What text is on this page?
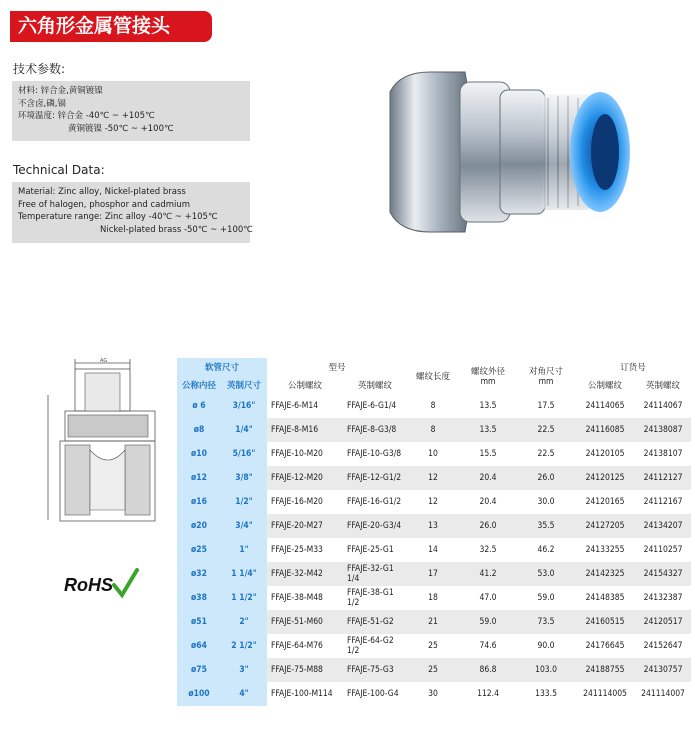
六角形金属管接头
技术参数:
材料: 锌合金,黄铜镀镍
不含卤,磷,镉
环境温度: 锌合金 -40℃ ~ +105℃
黄铜镀镍 -50℃ ~ +100℃
Technical Data:
Material: Zinc alloy, Nickel-plated brass
Free of halogen, phosphor and cadmium
Temperature range: Zinc alloy -40℃ ~ +105℃
Nickel-plated brass -50℃ ~ +100℃
AG
RoHS
软管尺寸		型号		螺纹长度	螺纹外径
mm	对角尺寸
mm	订货号	
公称内径	英制尺寸	公制螺纹	英制螺纹				公制螺纹	英制螺纹
ø 6	3/16"	FFAJE-6-M14	FFAJE-6-G1/4	8	13.5	17.5	24114065	24114067
ø8	1/4"	FFAJE-8-M16	FFAJE-8-G3/8	8	13.5	22.5	24116085	24138087
ø10	5/16"	FFAJE-10-M20	FFAJE-10-G3/8	10	15.5	22.5	24120105	24138107
ø12	3/8"	FFAJE-12-M20	FFAJE-12-G1/2	12	20.4	26.0	24120125	24112127
ø16	1/2"	FFAJE-16-M20	FFAJE-16-G1/2	12	20.4	30.0	24120165	24112167
ø20	3/4"	FFAJE-20-M27	FFAJE-20-G3/4	13	26.0	35.5	24127205	24134207
ø25	1"	FFAJE-25-M33	FFAJE-25-G1	14	32.5	46.2	24133255	24110257
ø32	1 1/4"	FFAJE-32-M42	FFAJE-32-G1 1/4	17	41.2	53.0	24142325	24154327
ø38	1 1/2"	FFAJE-38-M48	FFAJE-38-G1 1/2	18	47.0	59.0	24148385	24132387
ø51	2"	FFAJE-51-M60	FFAJE-51-G2	21	59.0	73.5	24160515	24120517
ø64	2 1/2"	FFAJE-64-M76	FFAJE-64-G2 1/2	25	74.6	90.0	24176645	24152647
ø75	3"	FFAJE-75-M88	FFAJE-75-G3	25	86.8	103.0	24188755	24130757
ø100	4"	FFAJE-100-M114	FFAJE-100-G4	30	112.4	133.5	241114005	241114007
